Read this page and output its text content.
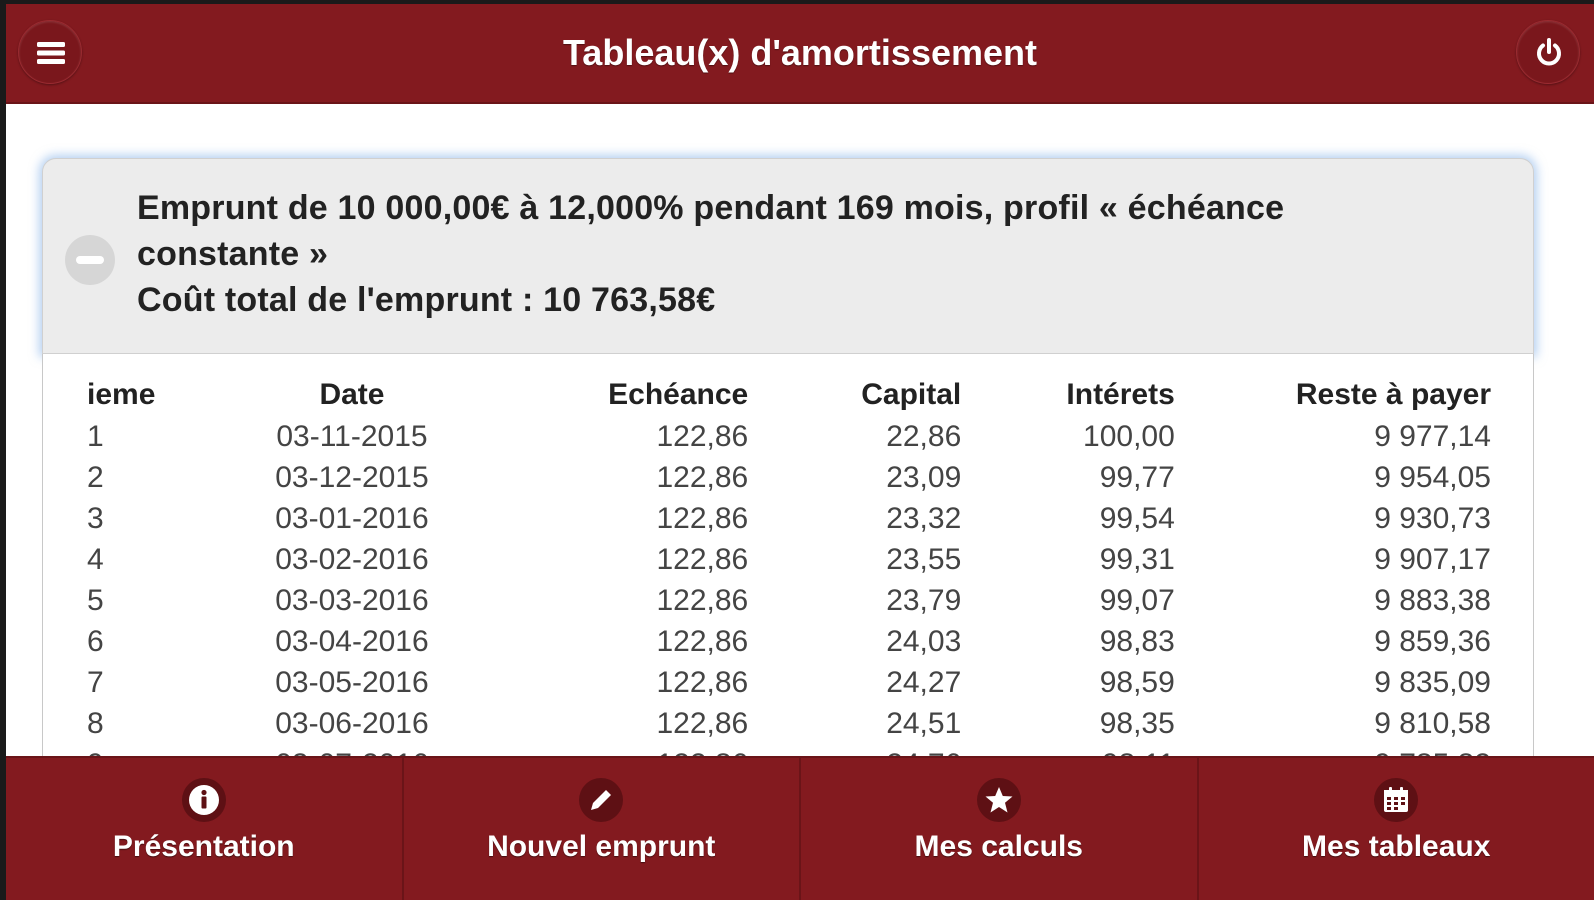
Tableau(x) d'amortissement
Emprunt de 10 000,00€ à 12,000% pendant 169 mois, profil « échéance
constante »
Coût total de l'emprunt : 10 763,58€
ieme	Date	Echéance	Capital	Intérets	Reste à payer
1	03-11-2015	122,86	22,86	100,00	9 977,14
2	03-12-2015	122,86	23,09	99,77	9 954,05
3	03-01-2016	122,86	23,32	99,54	9 930,73
4	03-02-2016	122,86	23,55	99,31	9 907,17
5	03-03-2016	122,86	23,79	99,07	9 883,38
6	03-04-2016	122,86	24,03	98,83	9 859,36
7	03-05-2016	122,86	24,27	98,59	9 835,09
8	03-06-2016	122,86	24,51	98,35	9 810,58

Présentation	Nouvel emprunt	Mes calculs	Mes tableaux
